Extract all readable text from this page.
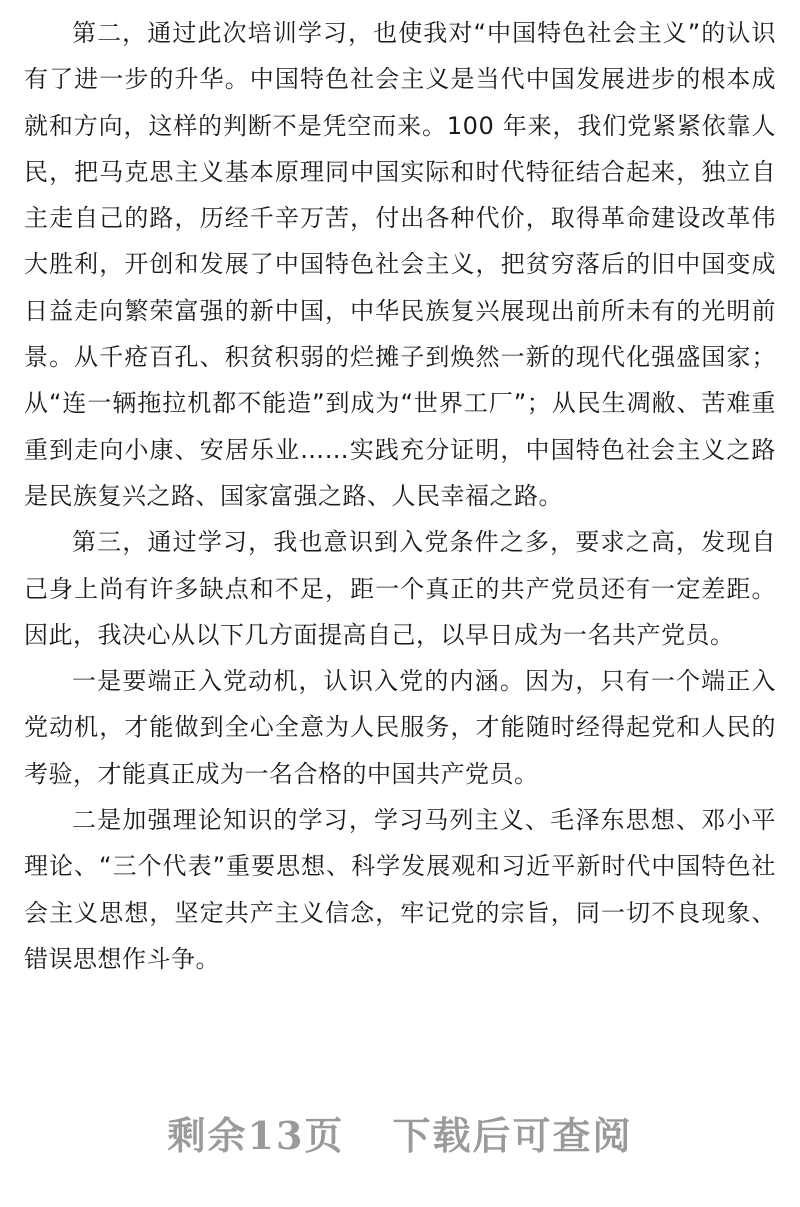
第二，通过此次培训学习，也使我对“中国特色社会主义”的认识有了进一步的升华。中国特色社会主义是当代中国发展进步的根本成就和方向，这样的判断不是凭空而来。100 年来，我们党紧紧依靠人民，把马克思主义基本原理同中国实际和时代特征结合起来，独立自主走自己的路，历经千辛万苦，付出各种代价，取得革命建设改革伟大胜利，开创和发展了中国特色社会主义，把贫穷落后的旧中国变成日益走向繁荣富强的新中国，中华民族复兴展现出前所未有的光明前景。从千疮百孔、积贫积弱的烂摊子到焕然一新的现代化强盛国家；从“连一辆拖拉机都不能造”到成为“世界工厂”；从民生凋敝、苦难重重到走向小康、安居乐业……实践充分证明，中国特色社会主义之路是民族复兴之路、国家富强之路、人民幸福之路。

第三，通过学习，我也意识到入党条件之多，要求之高，发现自己身上尚有许多缺点和不足，距一个真正的共产党员还有一定差距。因此，我决心从以下几方面提高自己，以早日成为一名共产党员。

一是要端正入党动机，认识入党的内涵。因为，只有一个端正入党动机，才能做到全心全意为人民服务，才能随时经得起党和人民的考验，才能真正成为一名合格的中国共产党员。

二是加强理论知识的学习，学习马列主义、毛泽东思想、邓小平理论、“三个代表”重要思想、科学发展观和习近平新时代中国特色社会主义思想，坚定共产主义信念，牢记党的宗旨，同一切不良现象、错误思想作斗争。

剩余13页 下载后可查阅
